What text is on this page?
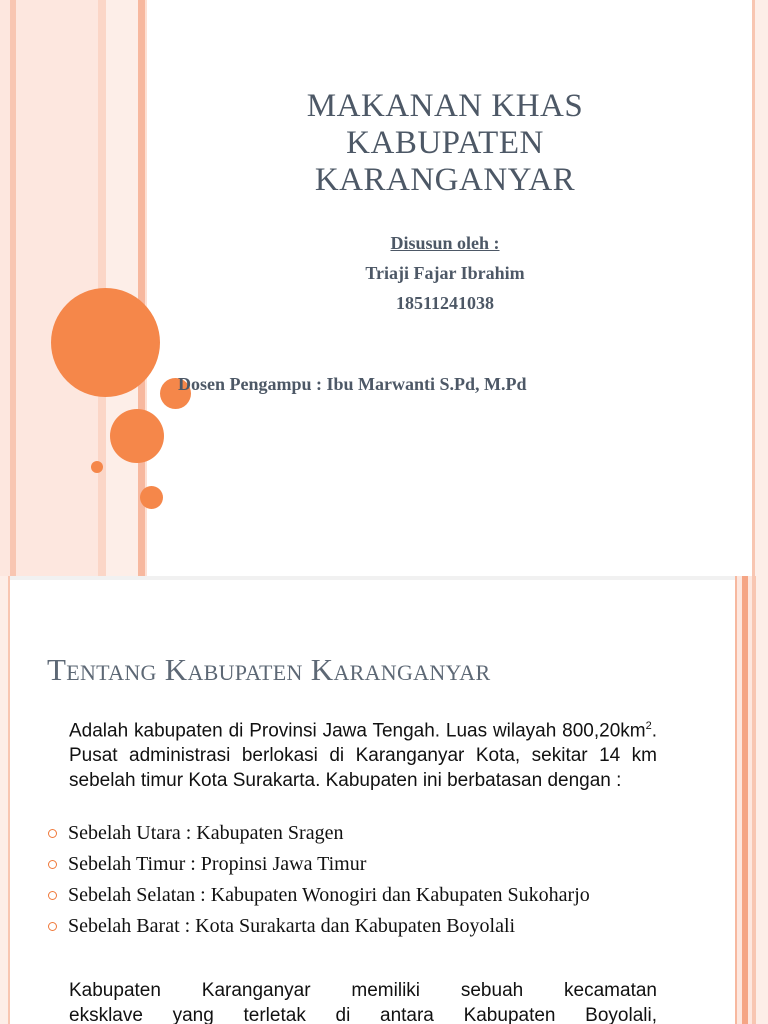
MAKANAN KHAS
KABUPATEN
KARANGANYAR
Disusun oleh :
Triaji Fajar Ibrahim
18511241038
Dosen Pengampu : Ibu Marwanti S.Pd, M.Pd
Tentang Kabupaten Karanganyar

Adalah kabupaten di Provinsi Jawa Tengah. Luas wilayah $800,20km^2$. Pusat administrasi berlokasi di Karanganyar Kota, sekitar 14 km sebelah timur Kota Surakarta. Kabupaten ini berbatasan dengan :

Sebelah Utara : Kabupaten Sragen
Sebelah Timur : Propinsi Jawa Timur
Sebelah Selatan : Kabupaten Wonogiri dan Kabupaten Sukoharjo
Sebelah Barat : Kota Surakarta dan Kabupaten Boyolali
Kabupaten Karanganyar memiliki sebuah kecamatan
eksklave yang terletak di antara Kabupaten Boyolali,
